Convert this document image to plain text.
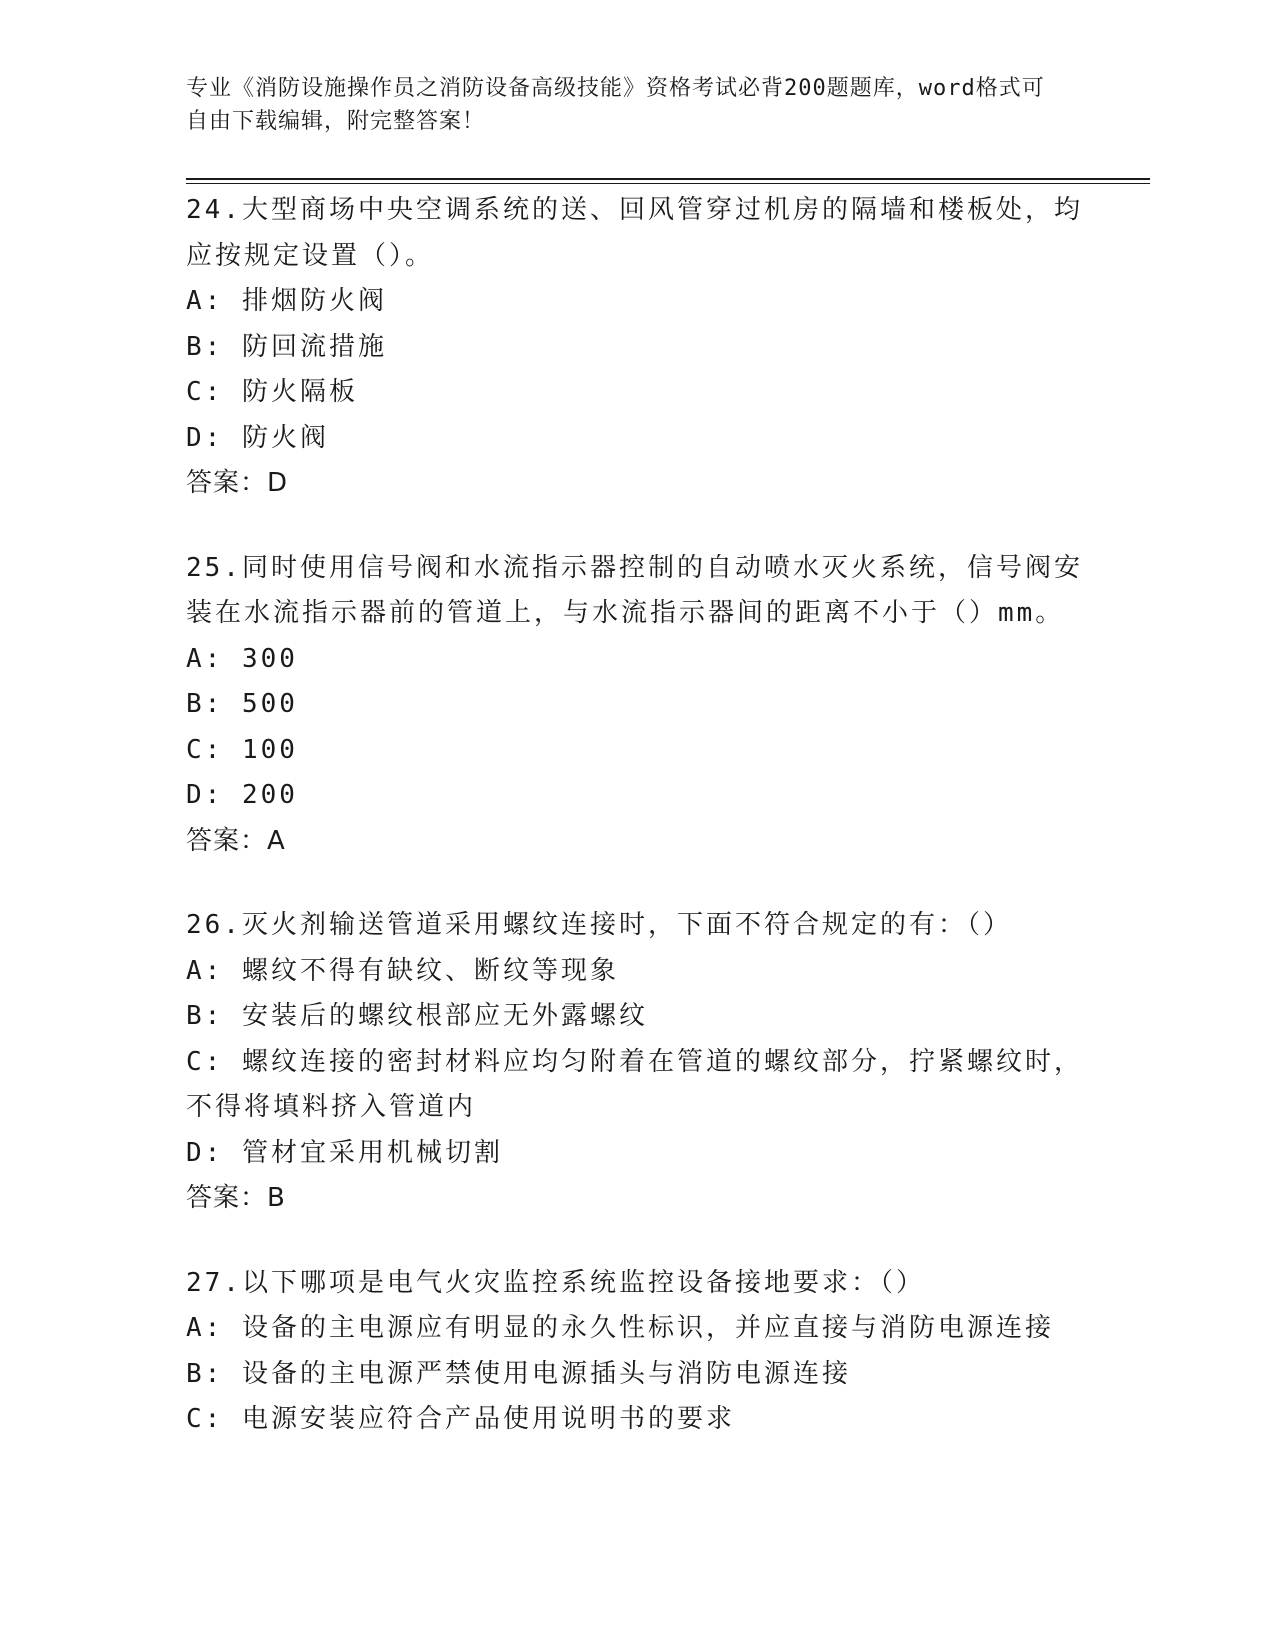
专业《消防设施操作员之消防设备高级技能》资格考试必背200题题库，word格式可自由下载编辑，附完整答案！
24.大型商场中央空调系统的送、回风管穿过机房的隔墙和楼板处，均应按规定设置（）。
A: 排烟防火阀
B: 防回流措施
C: 防火隔板
D: 防火阀
答案：D
25.同时使用信号阀和水流指示器控制的自动喷水灭火系统，信号阀安装在水流指示器前的管道上，与水流指示器间的距离不小于（）mm。
A: 300
B: 500
C: 100
D: 200
答案：A
26.灭火剂输送管道采用螺纹连接时，下面不符合规定的有：（）
A: 螺纹不得有缺纹、断纹等现象
B: 安装后的螺纹根部应无外露螺纹
C: 螺纹连接的密封材料应均匀附着在管道的螺纹部分，拧紧螺纹时，不得将填料挤入管道内
D: 管材宜采用机械切割
答案：B
27.以下哪项是电气火灾监控系统监控设备接地要求：（）
A: 设备的主电源应有明显的永久性标识，并应直接与消防电源连接
B: 设备的主电源严禁使用电源插头与消防电源连接
C: 电源安装应符合产品使用说明书的要求
